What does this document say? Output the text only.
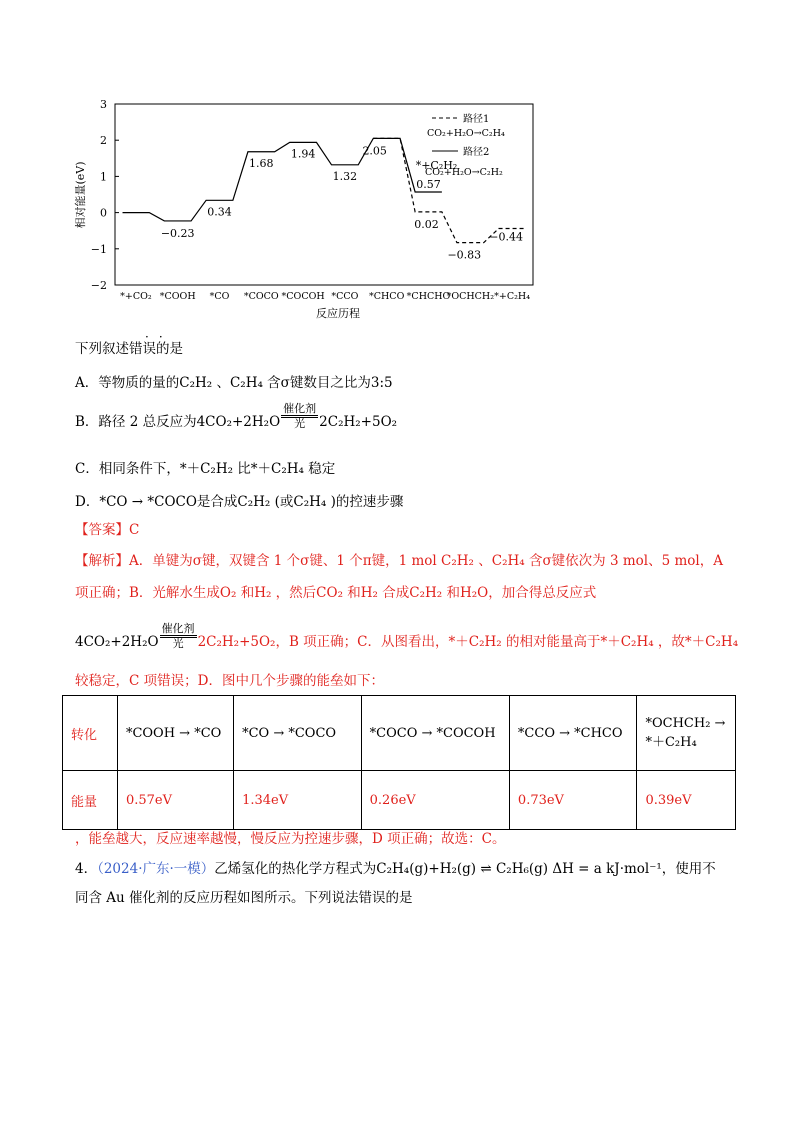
3
2
1
0
−1
−2
相对能量(eV)
−0.23
0.34
1.68
1.94
1.32
2.05
0.57
0.02
−0.83
−0.44
*+C₂H₂
*+CO₂ *COOH *CO *COCO *COCOH *CCO *CHCO *CHCHO
*OCHCH₂ *+C₂H₄
反应历程
路径1
CO₂+H₂O→C₂H₄
路径2
CO₂+H₂O→C₂H₂
下列叙述错误的是
··
A．等物质的量的C₂H₂ 、C₂H₄ 含σ键数目之比为3:5
B．路径 2 总反应为$4CO_2+2H_2O \frac{\text{催化剂}}{\text{光}} 2C_2H_2+5O_2$
C．相同条件下，*＋C₂H₂ 比*＋C₂H₄ 稳定
D．*CO → *COCO是合成C₂H₂ (或C₂H₄ )的控速步骤
【答案】C
【解析】A．单键为σ键，双键含 1 个σ键、1 个π键，1 mol C₂H₂ 、C₂H₄ 含σ键依次为 3 mol、5 mol，A
项正确；B．光解水生成O₂ 和H₂ ，然后CO₂ 和H₂ 合成C₂H₂ 和H₂O，加合得总反应式
$4CO_2+2H_2O \frac{\text{催化剂}}{\text{光}} 2C_2H_2+5O_2$，B 项正确；C．从图看出，*＋C₂H₂ 的相对能量高于*＋C₂H₄ ，故*＋C₂H₄
较稳定，C 项错误；D．图中几个步骤的能垒如下：
转化	*COOH → *CO	*CO → *COCO	*COCO → *COCOH	*CCO → *CHCO	*OCHCH₂ → *＋C₂H₄
能量	0.57eV	1.34eV	0.26eV	0.73eV	0.39eV
，能垒越大，反应速率越慢，慢反应为控速步骤，D 项正确；故选：C。
4．（2024·广东·一模）乙烯氢化的热化学方程式为C₂H₄(g)+H₂(g) ⇌ C₂H₆(g) ΔH = a kJ·mol⁻¹，使用不
同含 Au 催化剂的反应历程如图所示。下列说法错误的是
